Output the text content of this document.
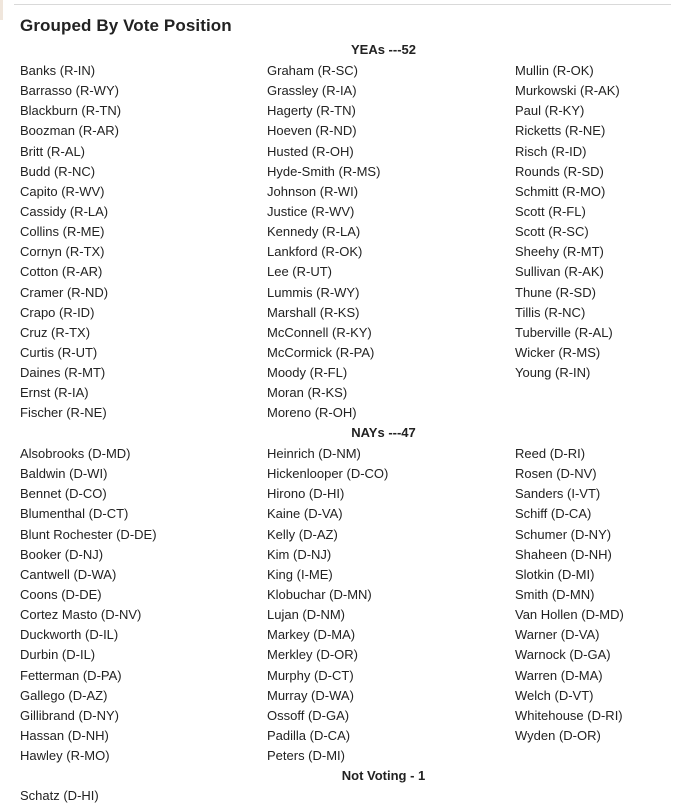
Grouped By Vote Position
YEAs ---52
Banks (R-IN)
Barrasso (R-WY)
Blackburn (R-TN)
Boozman (R-AR)
Britt (R-AL)
Budd (R-NC)
Capito (R-WV)
Cassidy (R-LA)
Collins (R-ME)
Cornyn (R-TX)
Cotton (R-AR)
Cramer (R-ND)
Crapo (R-ID)
Cruz (R-TX)
Curtis (R-UT)
Daines (R-MT)
Ernst (R-IA)
Fischer (R-NE)
Graham (R-SC)
Grassley (R-IA)
Hagerty (R-TN)
Hoeven (R-ND)
Husted (R-OH)
Hyde-Smith (R-MS)
Johnson (R-WI)
Justice (R-WV)
Kennedy (R-LA)
Lankford (R-OK)
Lee (R-UT)
Lummis (R-WY)
Marshall (R-KS)
McConnell (R-KY)
McCormick (R-PA)
Moody (R-FL)
Moran (R-KS)
Moreno (R-OH)
Mullin (R-OK)
Murkowski (R-AK)
Paul (R-KY)
Ricketts (R-NE)
Risch (R-ID)
Rounds (R-SD)
Schmitt (R-MO)
Scott (R-FL)
Scott (R-SC)
Sheehy (R-MT)
Sullivan (R-AK)
Thune (R-SD)
Tillis (R-NC)
Tuberville (R-AL)
Wicker (R-MS)
Young (R-IN)
NAYs ---47
Alsobrooks (D-MD)
Baldwin (D-WI)
Bennet (D-CO)
Blumenthal (D-CT)
Blunt Rochester (D-DE)
Booker (D-NJ)
Cantwell (D-WA)
Coons (D-DE)
Cortez Masto (D-NV)
Duckworth (D-IL)
Durbin (D-IL)
Fetterman (D-PA)
Gallego (D-AZ)
Gillibrand (D-NY)
Hassan (D-NH)
Hawley (R-MO)
Heinrich (D-NM)
Hickenlooper (D-CO)
Hirono (D-HI)
Kaine (D-VA)
Kelly (D-AZ)
Kim (D-NJ)
King (I-ME)
Klobuchar (D-MN)
Lujan (D-NM)
Markey (D-MA)
Merkley (D-OR)
Murphy (D-CT)
Murray (D-WA)
Ossoff (D-GA)
Padilla (D-CA)
Peters (D-MI)
Reed (D-RI)
Rosen (D-NV)
Sanders (I-VT)
Schiff (D-CA)
Schumer (D-NY)
Shaheen (D-NH)
Slotkin (D-MI)
Smith (D-MN)
Van Hollen (D-MD)
Warner (D-VA)
Warnock (D-GA)
Warren (D-MA)
Welch (D-VT)
Whitehouse (D-RI)
Wyden (D-OR)
Not Voting - 1
Schatz (D-HI)
